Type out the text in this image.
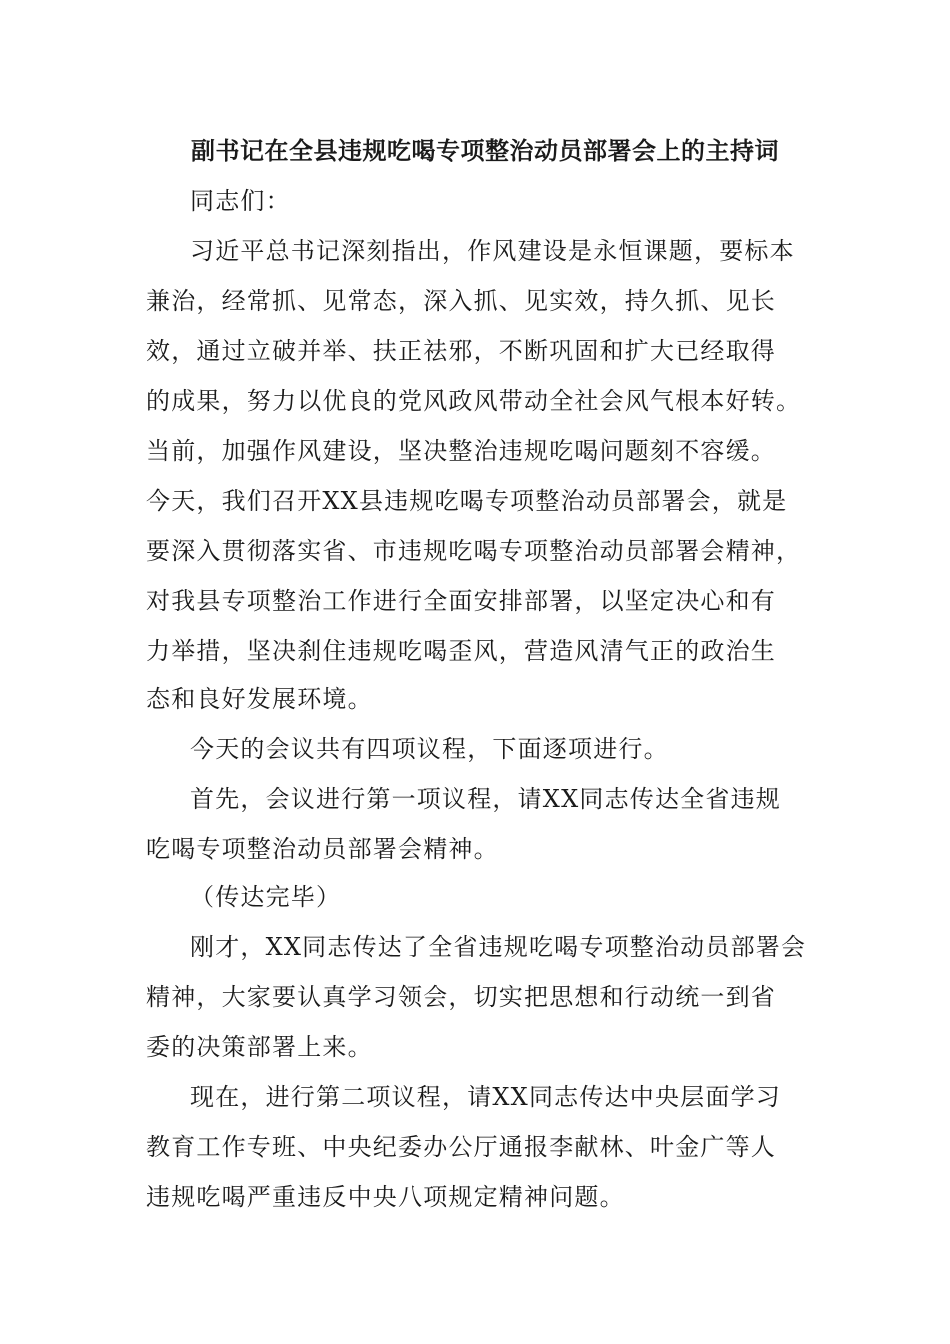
副书记在全县违规吃喝专项整治动员部署会上的主持词

同志们：

习近平总书记深刻指出，作风建设是永恒课题，要标本

兼治，经常抓、见常态，深入抓、见实效，持久抓、见长

效，通过立破并举、扶正祛邪，不断巩固和扩大已经取得

的成果，努力以优良的党风政风带动全社会风气根本好转。

当前，加强作风建设，坚决整治违规吃喝问题刻不容缓。

今天，我们召开XX县违规吃喝专项整治动员部署会，就是

要深入贯彻落实省、市违规吃喝专项整治动员部署会精神，

对我县专项整治工作进行全面安排部署，以坚定决心和有

力举措，坚决刹住违规吃喝歪风，营造风清气正的政治生

态和良好发展环境。

今天的会议共有四项议程，下面逐项进行。

首先，会议进行第一项议程，请XX同志传达全省违规

吃喝专项整治动员部署会精神。

（传达完毕）

刚才，XX同志传达了全省违规吃喝专项整治动员部署会

精神，大家要认真学习领会，切实把思想和行动统一到省

委的决策部署上来。

现在，进行第二项议程，请XX同志传达中央层面学习

教育工作专班、中央纪委办公厅通报李献林、叶金广等人

违规吃喝严重违反中央八项规定精神问题。
